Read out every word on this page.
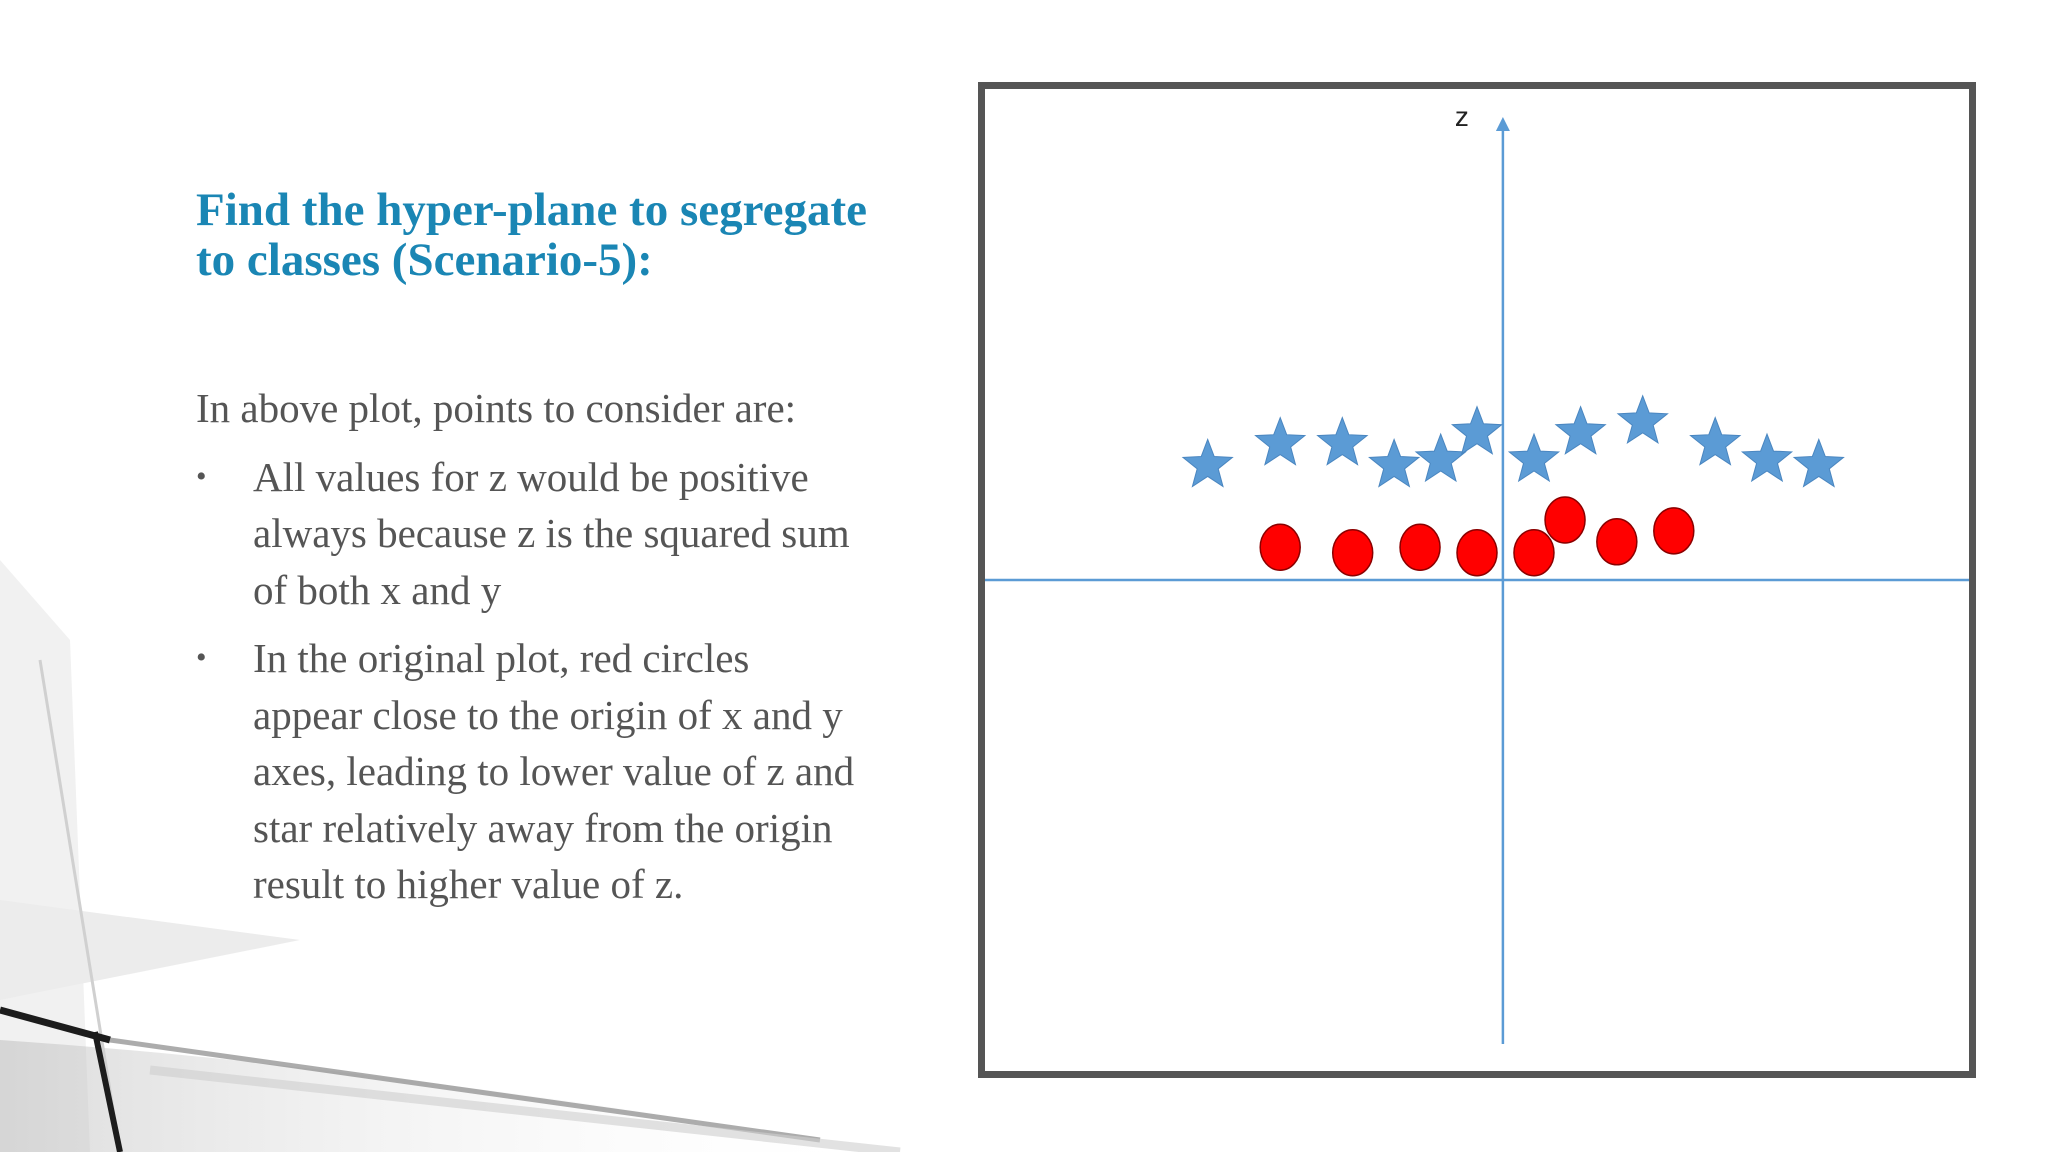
Find the hyper-plane to segregate to classes (Scenario-5):

In above plot, points to consider are:

• All values for z would be positive always because z is the squared sum of both x and y
• In the original plot, red circles appear close to the origin of x and y axes, leading to lower value of z and star relatively away from the origin result to higher value of z.
z
